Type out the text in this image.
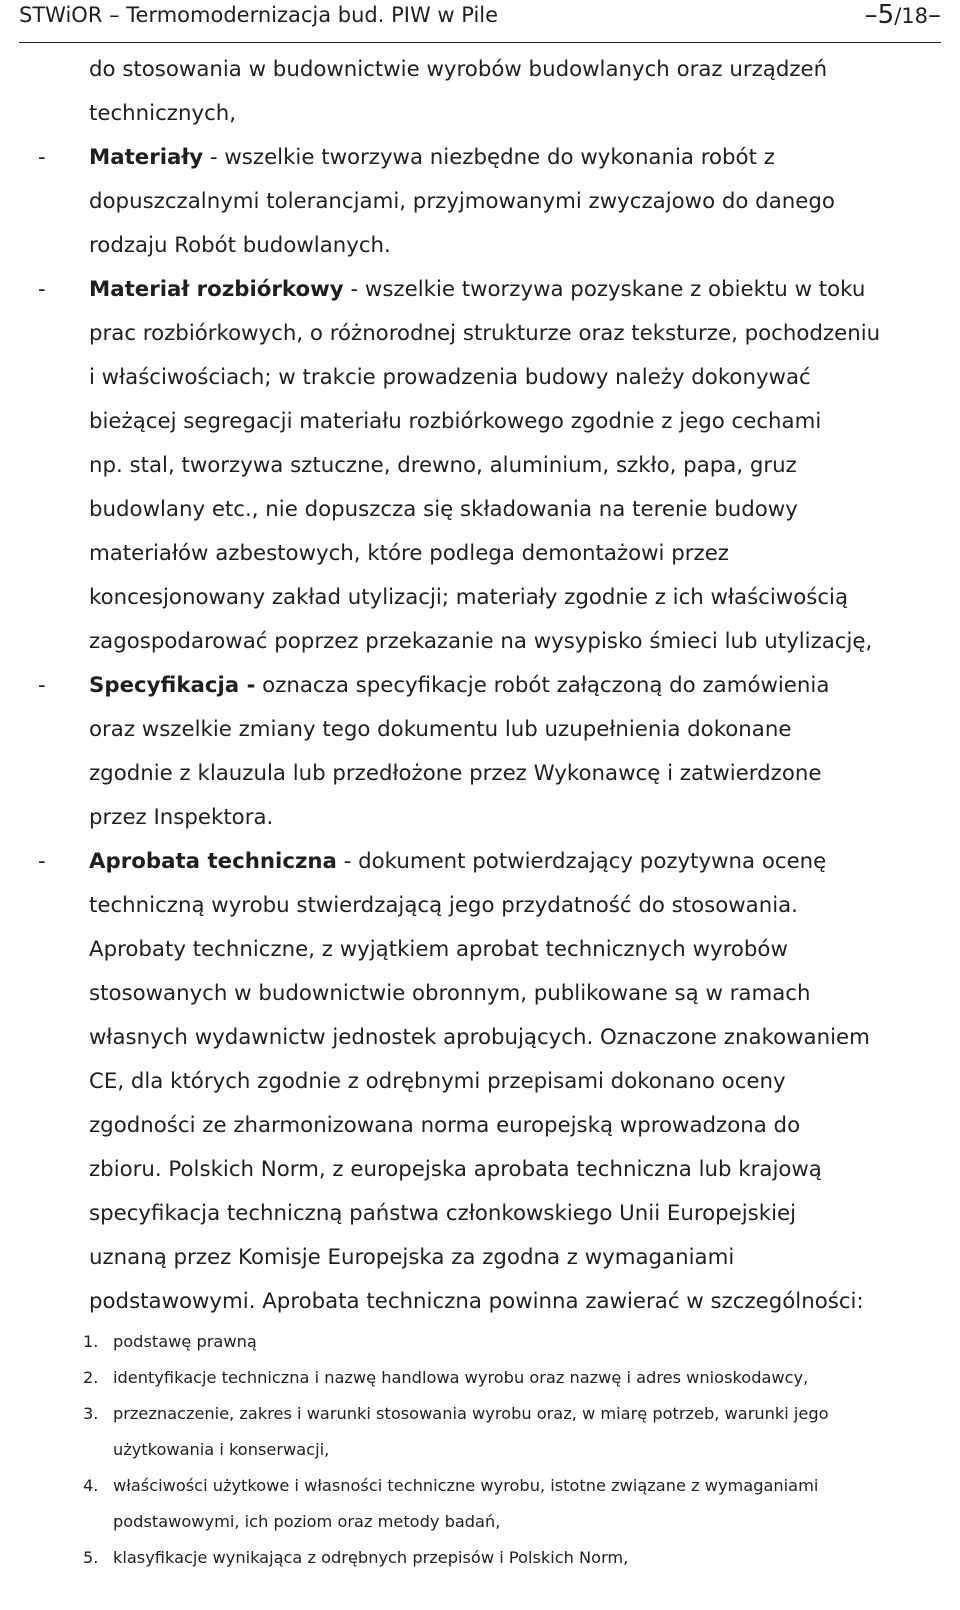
STWiOR – Termomodernizacja bud. PIW w Pile	–5/18–
do stosowania w budownictwie wyrobów budowlanych oraz urządzeń
technicznych,
- Materiały - wszelkie tworzywa niezbędne do wykonania robót z
dopuszczalnymi tolerancjami, przyjmowanymi zwyczajowo do danego
rodzaju Robót budowlanych.
- Materiał rozbiórkowy - wszelkie tworzywa pozyskane z obiektu w toku
prac rozbiórkowych, o różnorodnej strukturze oraz teksturze, pochodzeniu
i właściwościach; w trakcie prowadzenia budowy należy dokonywać
bieżącej segregacji materiału rozbiórkowego zgodnie z jego cechami
np. stal, tworzywa sztuczne, drewno, aluminium, szkło, papa, gruz
budowlany etc., nie dopuszcza się składowania na terenie budowy
materiałów azbestowych, które podlega demontażowi przez
koncesjonowany zakład utylizacji; materiały zgodnie z ich właściwością
zagospodarować poprzez przekazanie na wysypisko śmieci lub utylizację,
- Specyfikacja - oznacza specyfikacje robót załączoną do zamówienia
oraz wszelkie zmiany tego dokumentu lub uzupełnienia dokonane
zgodnie z klauzula lub przedłożone przez Wykonawcę i zatwierdzone
przez Inspektora.
- Aprobata techniczna - dokument potwierdzający pozytywna ocenę
techniczną wyrobu stwierdzającą jego przydatność do stosowania.
Aprobaty techniczne, z wyjątkiem aprobat technicznych wyrobów
stosowanych w budownictwie obronnym, publikowane są w ramach
własnych wydawnictw jednostek aprobujących. Oznaczone znakowaniem
CE, dla których zgodnie z odrębnymi przepisami dokonano oceny
zgodności ze zharmonizowana norma europejską wprowadzona do
zbioru. Polskich Norm, z europejska aprobata techniczna lub krajową
specyfikacja techniczną państwa członkowskiego Unii Europejskiej
uznaną przez Komisje Europejska za zgodna z wymaganiami
podstawowymi. Aprobata techniczna powinna zawierać w szczególności:
1. podstawę prawną
2. identyfikacje techniczna i nazwę handlowa wyrobu oraz nazwę i adres wnioskodawcy,
3. przeznaczenie, zakres i warunki stosowania wyrobu oraz, w miarę potrzeb, warunki jego
użytkowania i konserwacji,
4. właściwości użytkowe i własności techniczne wyrobu, istotne związane z wymaganiami
podstawowymi, ich poziom oraz metody badań,
5. klasyfikacje wynikająca z odrębnych przepisów i Polskich Norm,
